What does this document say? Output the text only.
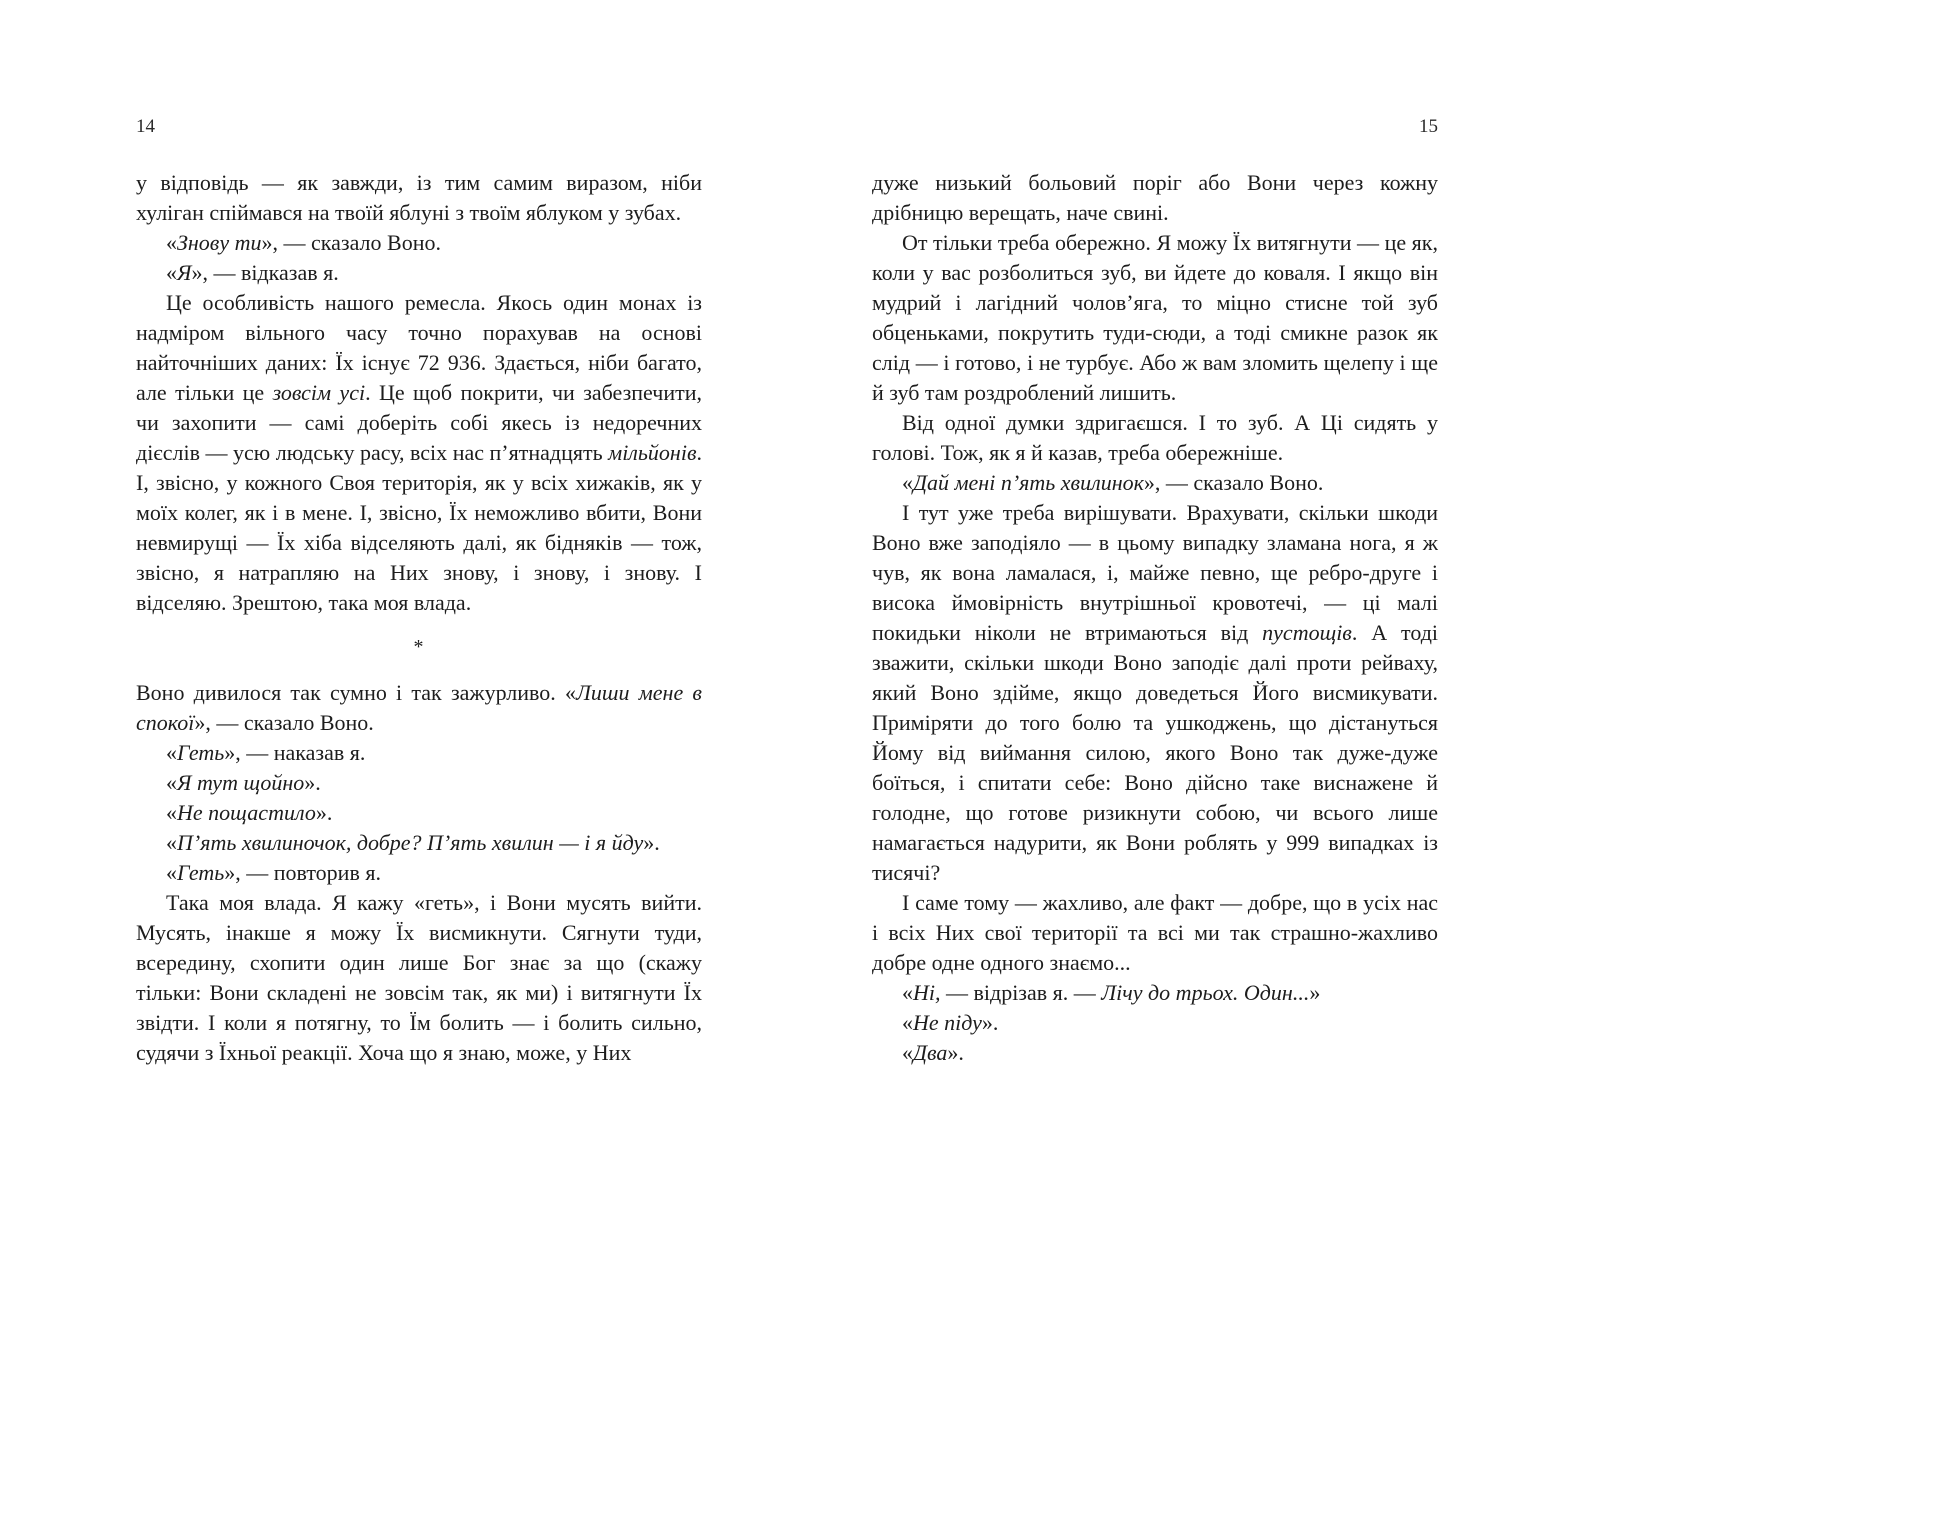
14

у відповідь — як завжди, із тим самим виразом, ніби хуліган спіймався на твоїй яблуні з твоїм яблуком у зубах.

«Знову ти», — сказало Воно.

«Я», — відказав я.

Це особливість нашого ремесла. Якось один монах із надміром вільного часу точно порахував на основі найточніших даних: Їх існує 72 936. Здається, ніби багато, але тільки це зовсім усі. Це щоб покрити, чи забезпечити, чи захопити — самі доберіть собі якесь із недоречних дієслів — усю людську расу, всіх нас п’ятнадцять мільйонів. І, звісно, у кожного Своя територія, як у всіх хижаків, як у моїх колег, як і в мене. І, звісно, Їх неможливо вбити, Вони невмирущі — Їх хіба відселяють далі, як бідняків — тож, звісно, я натрапляю на Них знову, і знову, і знову. І відселяю. Зрештою, така моя влада.

*

Воно дивилося так сумно і так зажурливо. «Лиши мене в спокої», — сказало Воно.

«Геть», — наказав я.

«Я тут щойно».

«Не пощастило».

«П’ять хвилиночок, добре? П’ять хвилин — і я йду».

«Геть», — повторив я.

Така моя влада. Я кажу «геть», і Вони мусять вийти. Мусять, інакше я можу Їх висмикнути. Сягнути туди, всередину, схопити один лише Бог знає за що (скажу тільки: Вони складені не зовсім так, як ми) і витягнути Їх звідти. І коли я потягну, то Їм болить — і болить сильно, судячи з Їхньої реакції. Хоча що я знаю, може, у Них

15

дуже низький больовий поріг або Вони через кожну дрібницю верещать, наче свині.

От тільки треба обережно. Я можу Їх витягнути — це як, коли у вас розболиться зуб, ви йдете до коваля. І якщо він мудрий і лагідний чолов’яга, то міцно стисне той зуб обценьками, покрутить туди-сюди, а тоді смикне разок як слід — і готово, і не турбує. Або ж вам зломить щелепу і ще й зуб там роздроблений лишить.

Від одної думки здригаєшся. І то зуб. А Ці сидять у голові. Тож, як я й казав, треба обережніше.

«Дай мені п’ять хвилинок», — сказало Воно.

І тут уже треба вирішувати. Врахувати, скільки шкоди Воно вже заподіяло — в цьому випадку зламана нога, я ж чув, як вона ламалася, і, майже певно, ще ребро-друге і висока ймовірність внутрішньої кровотечі, — ці малі покидьки ніколи не втримаються від пустощів. А тоді зважити, скільки шкоди Воно заподіє далі проти рейваху, який Воно здійме, якщо доведеться Його висмикувати. Приміряти до того болю та ушкоджень, що дістануться Йому від виймання силою, якого Воно так дуже-дуже боїться, і спитати себе: Воно дійсно таке виснажене й голодне, що готове ризикнути собою, чи всього лише намагається надурити, як Вони роблять у 999 випадках із тисячі?

І саме тому — жахливо, але факт — добре, що в усіх нас і всіх Них свої території та всі ми так страшно-жахливо добре одне одного знаємо...

«Ні, — відрізав я. — Лічу до трьох. Один...»

«Не піду».

«Два».
